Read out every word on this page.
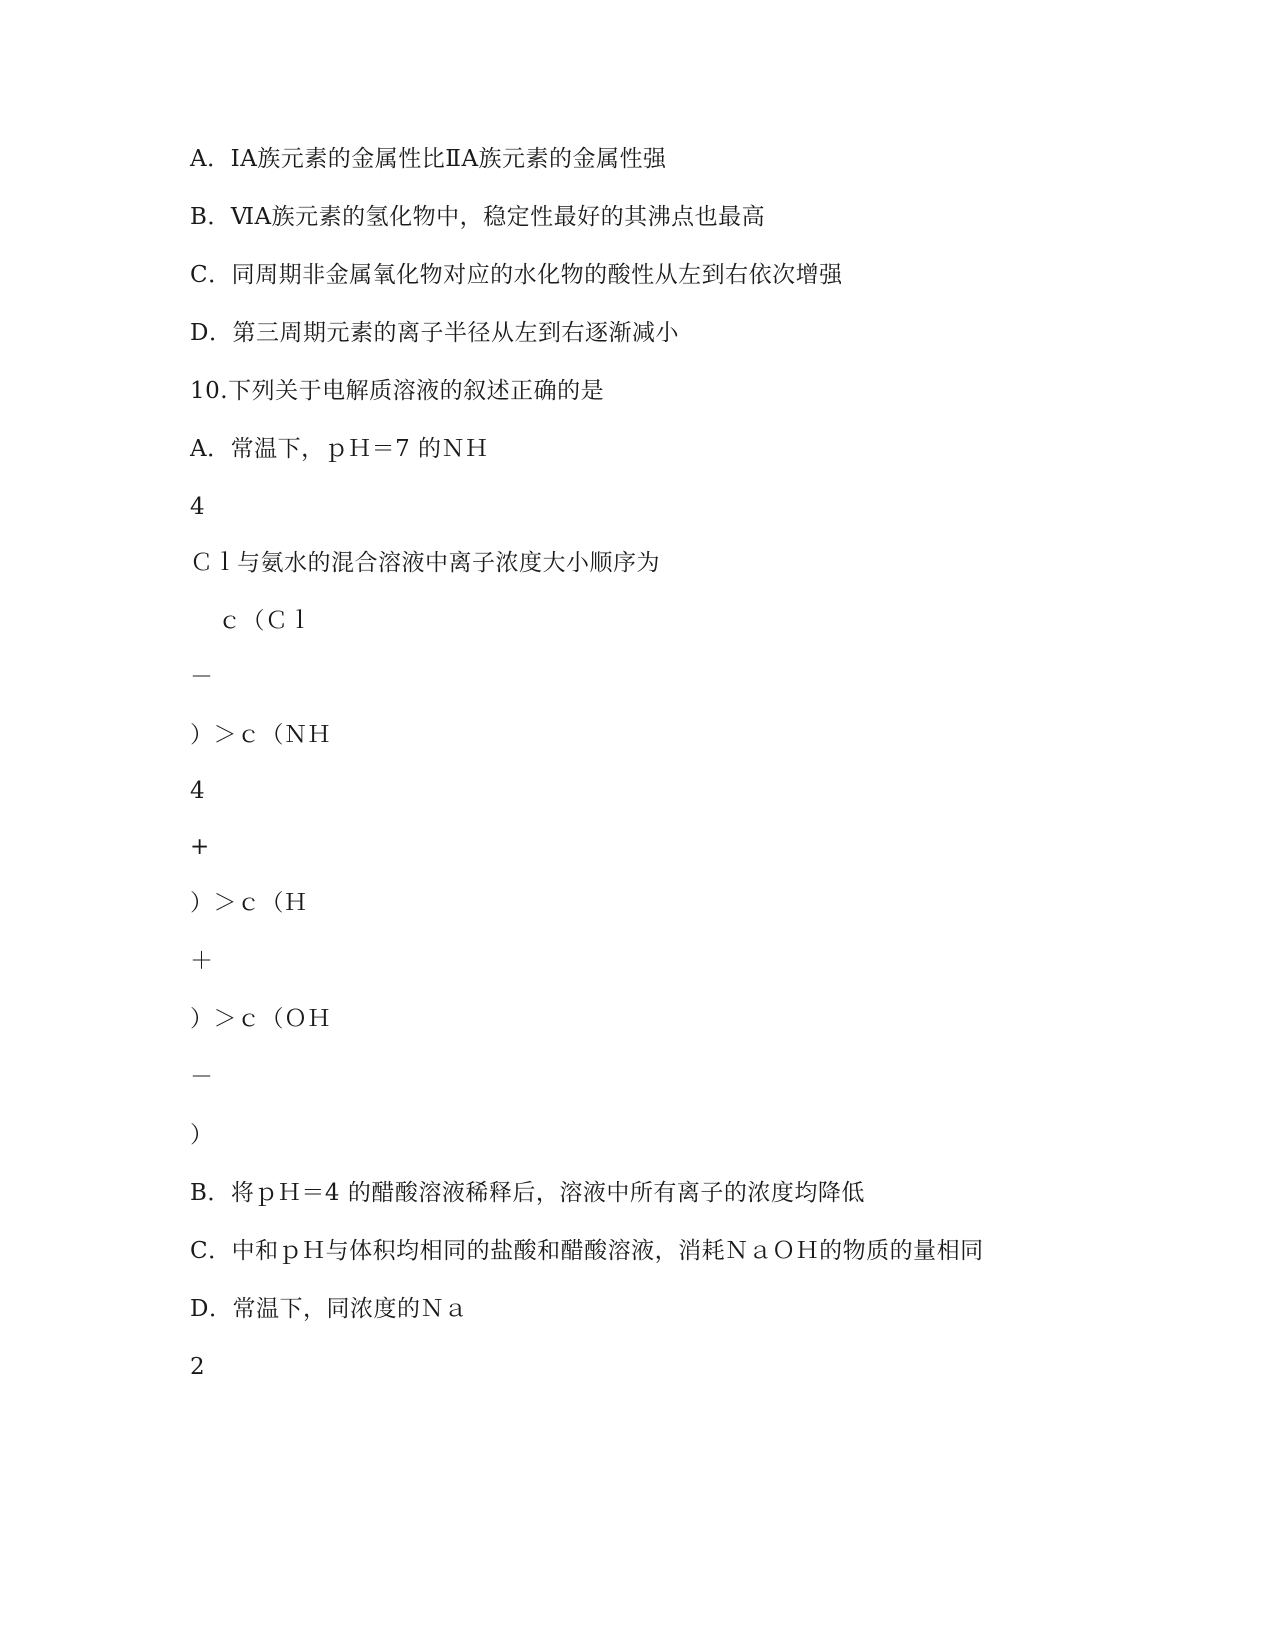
A．ⅠA族元素的金属性比ⅡA族元素的金属性强
B．ⅥA族元素的氢化物中，稳定性最好的其沸点也最高
C．同周期非金属氧化物对应的水化物的酸性从左到右依次增强
D．第三周期元素的离子半径从左到右逐渐减小
10.下列关于电解质溶液的叙述正确的是
A．常温下，ｐＨ＝7 的ＮＨ
4
Ｃｌ与氨水的混合溶液中离子浓度大小顺序为
ｃ（Ｃｌ
－
）＞ｃ（ＮＨ
4
+
）＞ｃ（Ｈ
＋
）＞ｃ（ＯＨ
－
）
B．将ｐＨ＝4 的醋酸溶液稀释后，溶液中所有离子的浓度均降低
C．中和ｐＨ与体积均相同的盐酸和醋酸溶液，消耗ＮａＯＨ的物质的量相同
D．常温下，同浓度的Ｎａ
2
